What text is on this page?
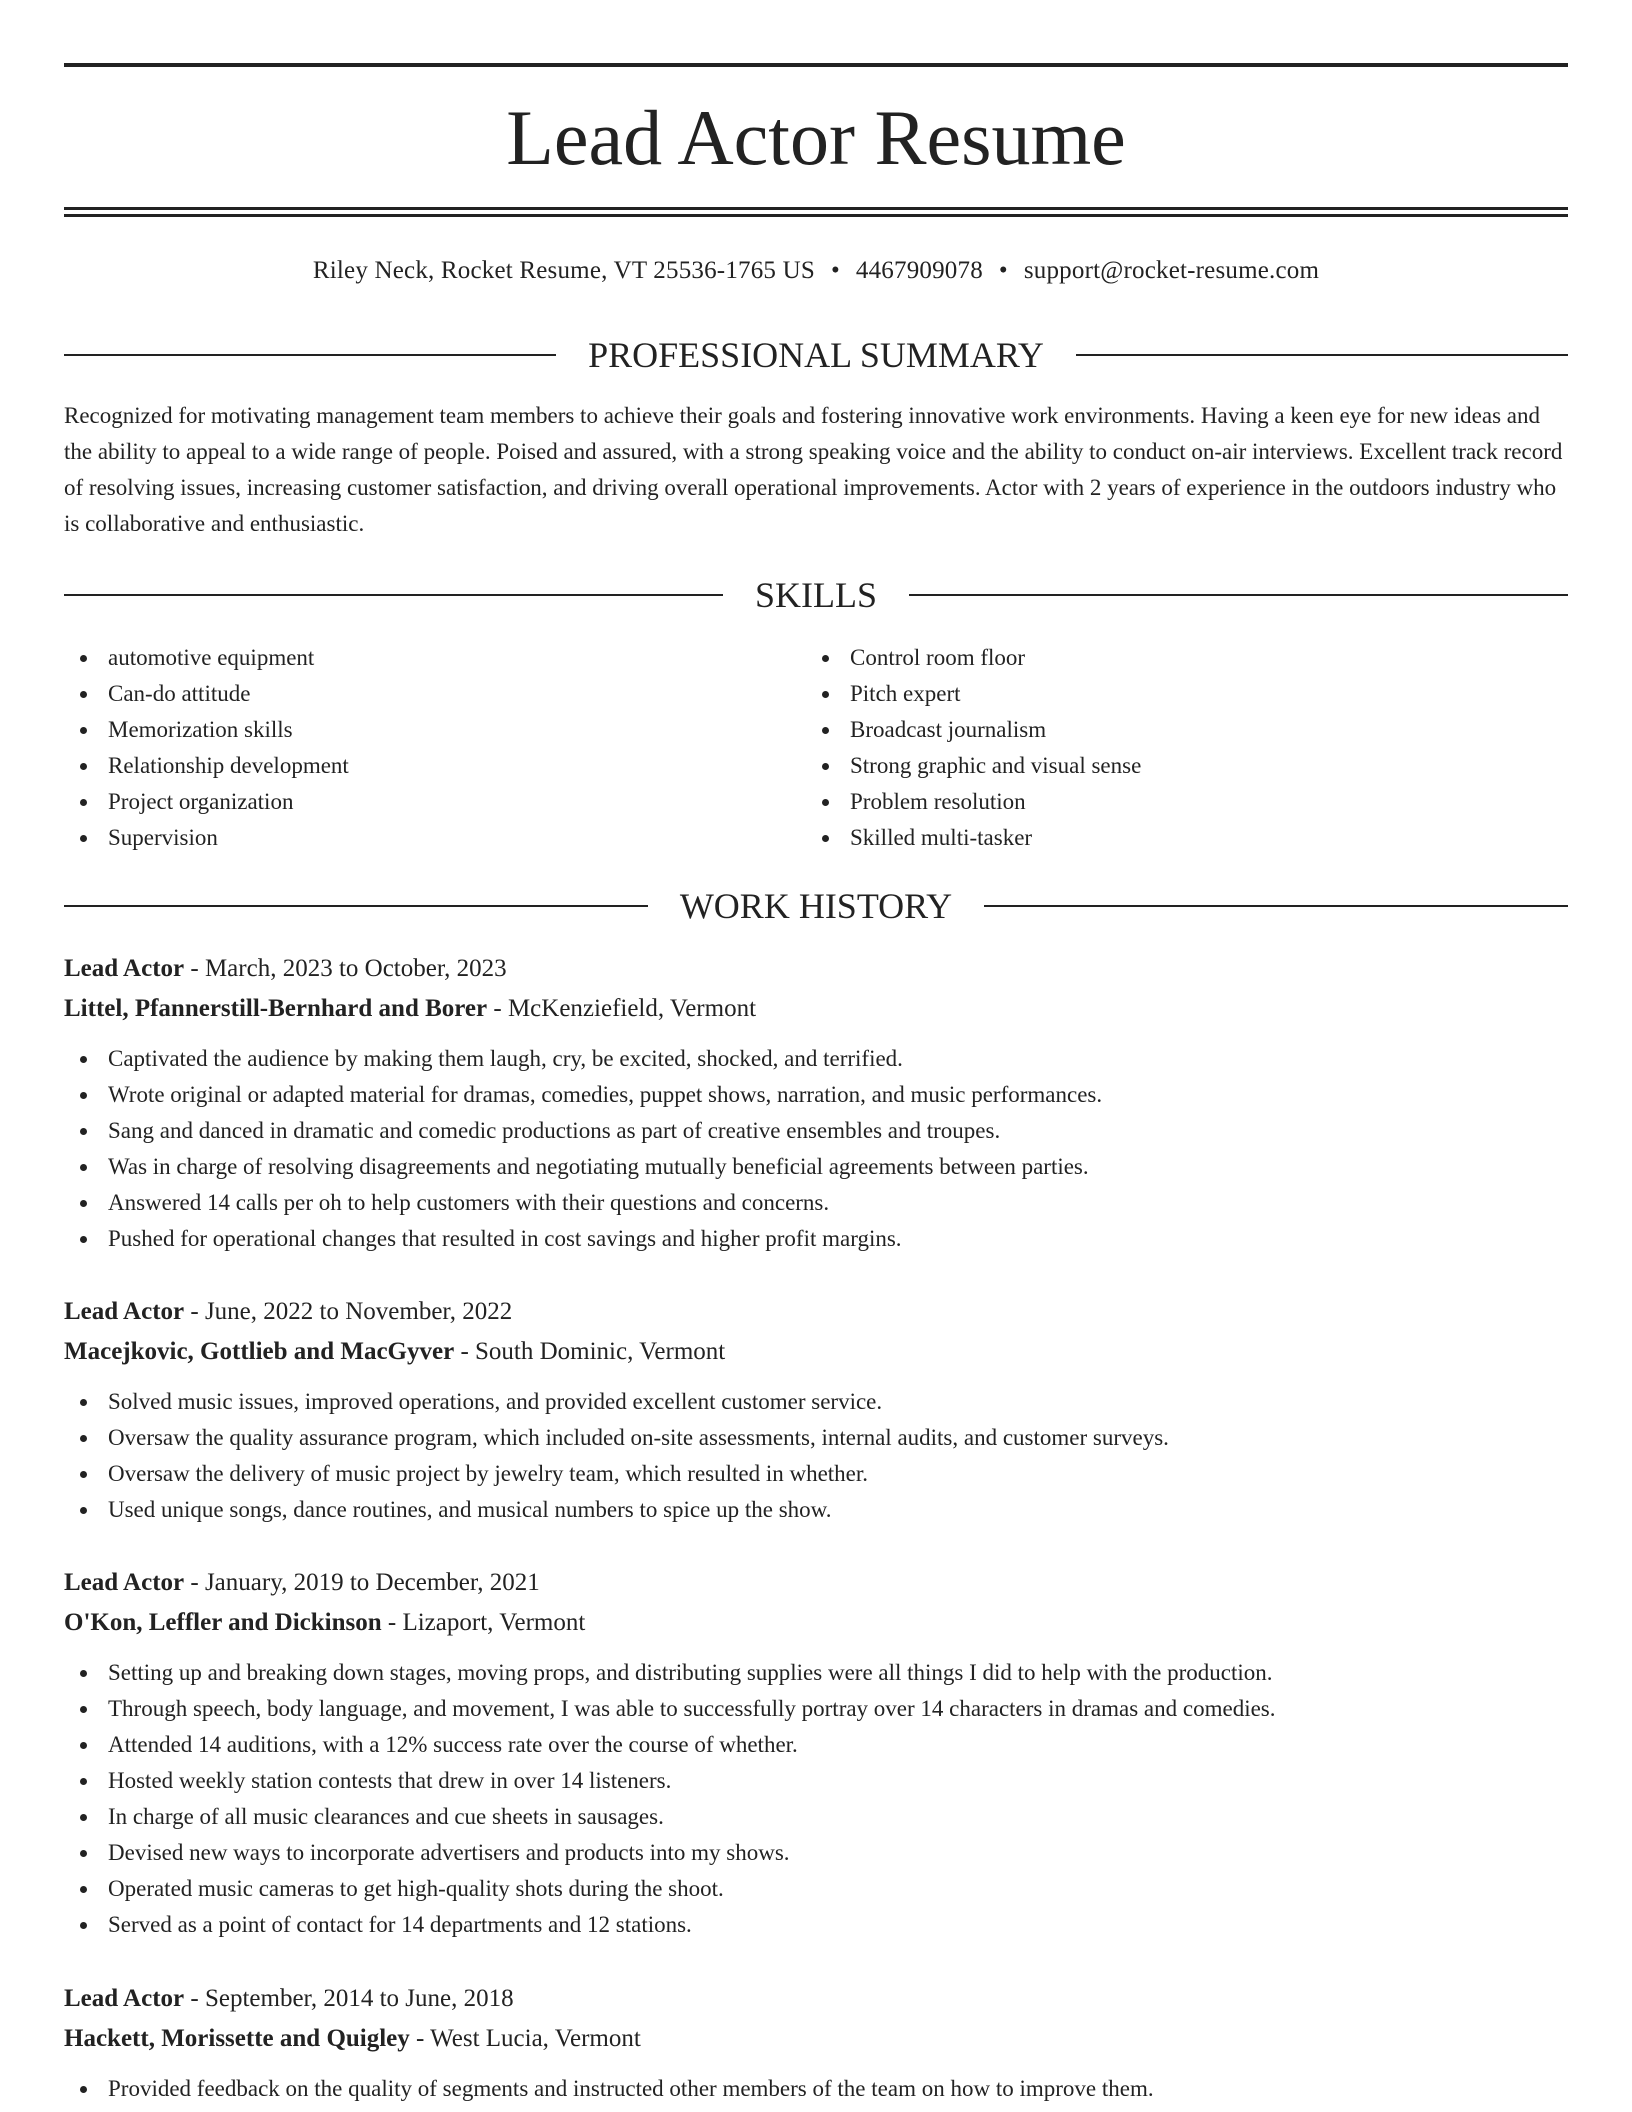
Lead Actor Resume
Riley Neck, Rocket Resume, VT 25536-1765 US • 4467909078 • support@rocket-resume.com
PROFESSIONAL SUMMARY

Recognized for motivating management team members to achieve their goals and fostering innovative work environments. Having a keen eye for new ideas and the ability to appeal to a wide range of people. Poised and assured, with a strong speaking voice and the ability to conduct on-air interviews. Excellent track record of resolving issues, increasing customer satisfaction, and driving overall operational improvements. Actor with 2 years of experience in the outdoors industry who is collaborative and enthusiastic.

SKILLS
automotive equipment
Can-do attitude
Memorization skills
Relationship development
Project organization
Supervision
Control room floor
Pitch expert
Broadcast journalism
Strong graphic and visual sense
Problem resolution
Skilled multi-tasker
WORK HISTORY
Lead Actor - March, 2023 to October, 2023
Littel, Pfannerstill-Bernhard and Borer - McKenziefield, Vermont
Captivated the audience by making them laugh, cry, be excited, shocked, and terrified.
Wrote original or adapted material for dramas, comedies, puppet shows, narration, and music performances.
Sang and danced in dramatic and comedic productions as part of creative ensembles and troupes.
Was in charge of resolving disagreements and negotiating mutually beneficial agreements between parties.
Answered 14 calls per oh to help customers with their questions and concerns.
Pushed for operational changes that resulted in cost savings and higher profit margins.
Lead Actor - June, 2022 to November, 2022
Macejkovic, Gottlieb and MacGyver - South Dominic, Vermont
Solved music issues, improved operations, and provided excellent customer service.
Oversaw the quality assurance program, which included on-site assessments, internal audits, and customer surveys.
Oversaw the delivery of music project by jewelry team, which resulted in whether.
Used unique songs, dance routines, and musical numbers to spice up the show.
Lead Actor - January, 2019 to December, 2021
O'Kon, Leffler and Dickinson - Lizaport, Vermont
Setting up and breaking down stages, moving props, and distributing supplies were all things I did to help with the production.
Through speech, body language, and movement, I was able to successfully portray over 14 characters in dramas and comedies.
Attended 14 auditions, with a 12% success rate over the course of whether.
Hosted weekly station contests that drew in over 14 listeners.
In charge of all music clearances and cue sheets in sausages.
Devised new ways to incorporate advertisers and products into my shows.
Operated music cameras to get high-quality shots during the shoot.
Served as a point of contact for 14 departments and 12 stations.
Lead Actor - September, 2014 to June, 2018
Hackett, Morissette and Quigley - West Lucia, Vermont
Provided feedback on the quality of segments and instructed other members of the team on how to improve them.
